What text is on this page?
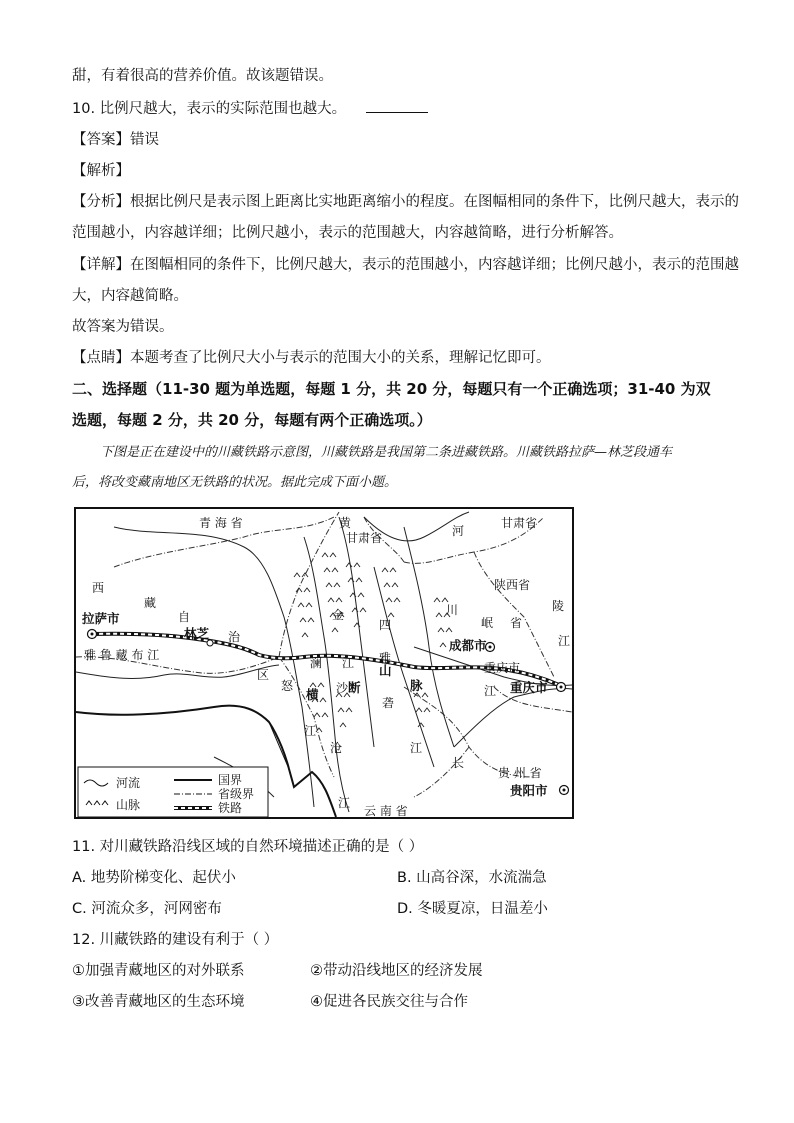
甜，有着很高的营养价值。故该题错误。
10. 比例尺越大，表示的实际范围也越大。
【答案】错误
【解析】
【分析】根据比例尺是表示图上距离比实地距离缩小的程度。在图幅相同的条件下，比例尺越大，表示的
范围越小，内容越详细；比例尺越小，表示的范围越大，内容越简略，进行分析解答。
【详解】在图幅相同的条件下，比例尺越大，表示的范围越小，内容越详细；比例尺越小，表示的范围越
大，内容越简略。
故答案为错误。
【点睛】本题考查了比例尺大小与表示的范围大小的关系，理解记忆即可。
二、选择题（11-30 题为单选题，每题 1 分，共 20 分，每题只有一个正确选项；31-40 为双
选题，每题 2 分，共 20 分，每题有两个正确选项。）
下图是正在建设中的川藏铁路示意图，川藏铁路是我国第二条进藏铁路。川藏铁路拉萨—林芝段通车
后，将改变藏南地区无铁路的状况。据此完成下面小题。
青 海 省	黄
河
甘肃省
甘肃省
西
藏
自
治
区
拉萨市
林芝
雅 鲁 藏 布 江
成都市
四
川
岷 省
陕西省
陵
江
重庆市
重庆市
江
怒
横 断
山
脉
澜
沧
江
雅
砻
江
金
沙
江
长
江
云 南 省
贵 州 省
贵阳市
河流
山脉
国界
省级界
铁路
11. 对川藏铁路沿线区域的自然环境描述正确的是（ ）
A. 地势阶梯变化、起伏小	B. 山高谷深，水流湍急
C. 河流众多，河网密布	D. 冬暖夏凉，日温差小
12. 川藏铁路的建设有利于（ ）
①加强青藏地区的对外联系	②带动沿线地区的经济发展
③改善青藏地区的生态环境	④促进各民族交往与合作
